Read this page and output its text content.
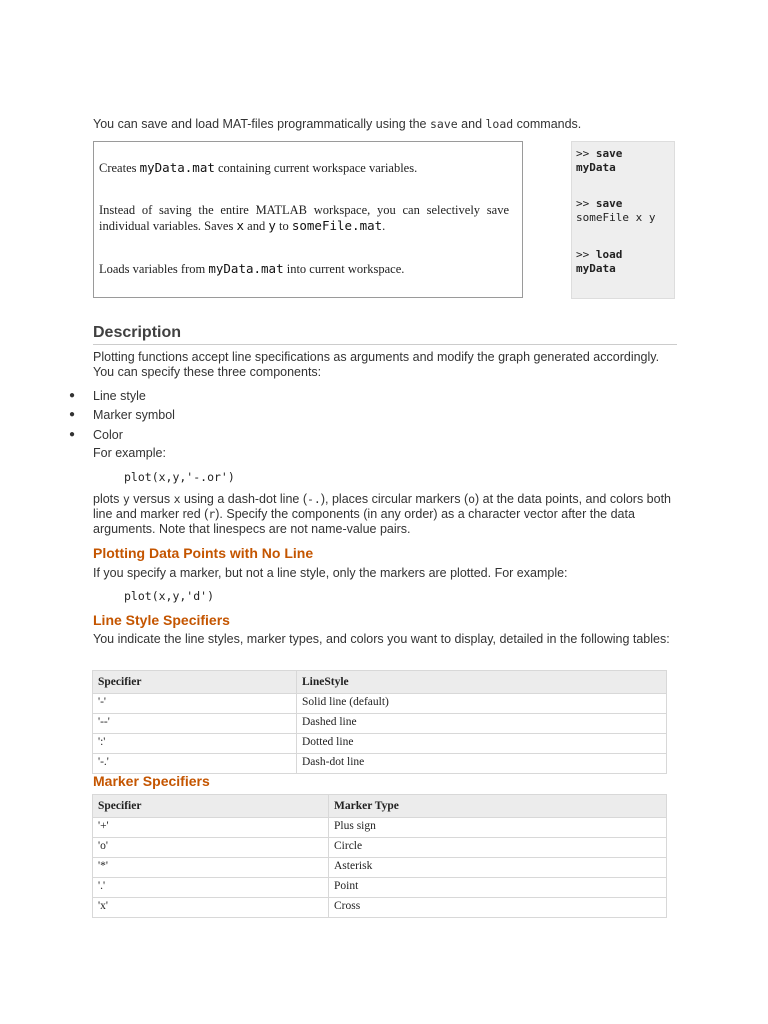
You can save and load MAT-files programmatically using the save and load commands.
Creates myData.mat containing current workspace variables.
Instead of saving the entire MATLAB workspace, you can selectively save individual variables. Saves x and y to someFile.mat.
Loads variables from myData.mat into current workspace.
>> save
myData
>> save
someFile x y
>> load
myData
Description
Plotting functions accept line specifications as arguments and modify the graph generated accordingly. You can specify these three components:
● Line style
● Marker symbol
● Color
For example:
plot(x,y,'-.or')
plots y versus x using a dash-dot line (-.), places circular markers (o) at the data points, and colors both line and marker red (r). Specify the components (in any order) as a character vector after the data arguments. Note that linespecs are not name-value pairs.
Plotting Data Points with No Line
If you specify a marker, but not a line style, only the markers are plotted. For example:
plot(x,y,'d')
Line Style Specifiers
You indicate the line styles, marker types, and colors you want to display, detailed in the following tables:
Specifier	LineStyle
'-'	Solid line (default)
'--'	Dashed line
':'	Dotted line
'-.'	Dash-dot line
Marker Specifiers
Specifier	Marker Type
'+'	Plus sign
'o'	Circle
'*'	Asterisk
'.'	Point
'x'	Cross
